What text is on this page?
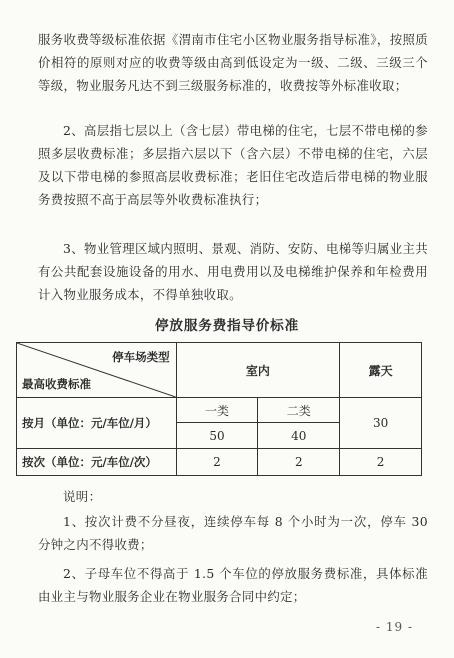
服务收费等级标准依据《渭南市住宅小区物业服务指导标准》，按照质价相符的原则对应的收费等级由高到低设定为一级、二级、三级三个等级，物业服务凡达不到三级服务标准的，收费按等外标准收取；

2、高层指七层以上（含七层）带电梯的住宅，七层不带电梯的参照多层收费标准；多层指六层以下（含六层）不带电梯的住宅，六层及以下带电梯的参照高层收费标准；老旧住宅改造后带电梯的物业服务费按照不高于高层等外收费标准执行；

3、物业管理区域内照明、景观、消防、安防、电梯等归属业主共有公共配套设施设备的用水、用电费用以及电梯维护保养和年检费用计入物业服务成本，不得单独收取。

停放服务费指导价标准
停车场类型
最高收费标准	室内		露天
按月（单位：元/车位/月）	一类	二类	30
	50	40	
按次（单位：元/车位/次）	2	2	2
说明：

1、按次计费不分昼夜，连续停车每 8 个小时为一次，停车 30 分钟之内不得收费；

2、子母车位不得高于 1.5 个车位的停放服务费标准，具体标准由业主与物业服务企业在物业服务合同中约定；

- 19 -
